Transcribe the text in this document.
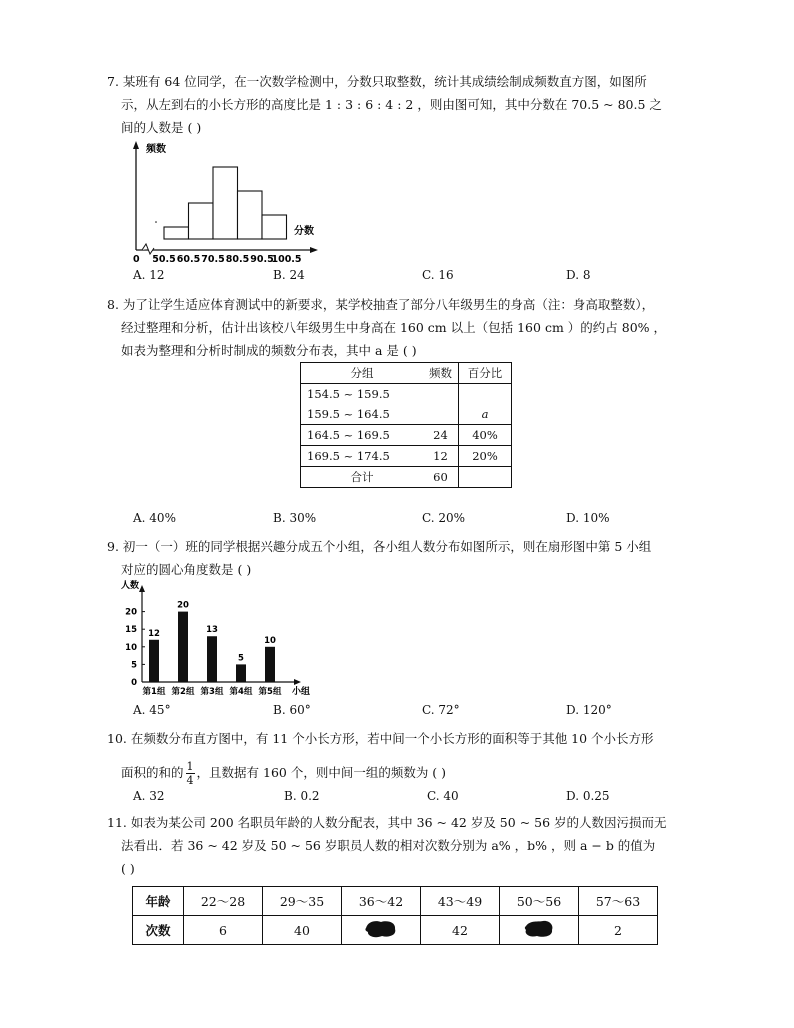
7. 某班有 64 位同学，在一次数学检测中，分数只取整数，统计其成绩绘制成频数直方图，如图所
示，从左到右的小长方形的高度比是 1 : 3 : 6 : 4 : 2 ，则由图可知，其中分数在 70.5 ~ 80.5 之
间的人数是 ( )
频数
分数
0 50.5 60.5 70.5 80.5 90.5
100.5
A. 12	B. 24	C. 16	D. 8
8. 为了让学生适应体育测试中的新要求，某学校抽查了部分八年级男生的身高（注：身高取整数），
经过整理和分析，估计出该校八年级男生中身高在 160 cm 以上（包括 160 cm ）的约占 80% ，
如表为整理和分析时制成的频数分布表，其中 a 是 ( )
分组	频数	百分比
154.5 ~ 159.5		
159.5 ~ 164.5		a
164.5 ~ 169.5	24	40%
169.5 ~ 174.5	12	20%
合计	60	
A. 40%	B. 30%	C. 20%	D. 10%
9. 初一（一）班的同学根据兴趣分成五个小组，各小组人数分布如图所示，则在扇形图中第 5 小组
对应的圆心角度数是 ( )
人数
小组
0
5
10
15
20
12
第1组
20
第2组
13
第3组
5
第4组
10
第5组
A. 45°	B. 60°	C. 72°	D. 120°
10. 在频数分布直方图中，有 11 个小长方形，若中间一个小长方形的面积等于其他 10 个小长方形
面积的和的 $\frac{1}{4}$ ，且数据有 160 个，则中间一组的频数为 ( )
A. 32	B. 0.2	C. 40	D. 0.25
11. 如表为某公司 200 名职员年龄的人数分配表，其中 36 ~ 42 岁及 50 ~ 56 岁的人数因污损而无
法看出．若 36 ~ 42 岁及 50 ~ 56 岁职员人数的相对次数分别为 a% ，b% ，则 a − b 的值为
( )
年龄	22～28	29～35	36～42	43～49	50～56	57～63
次数	6	40		42		2
